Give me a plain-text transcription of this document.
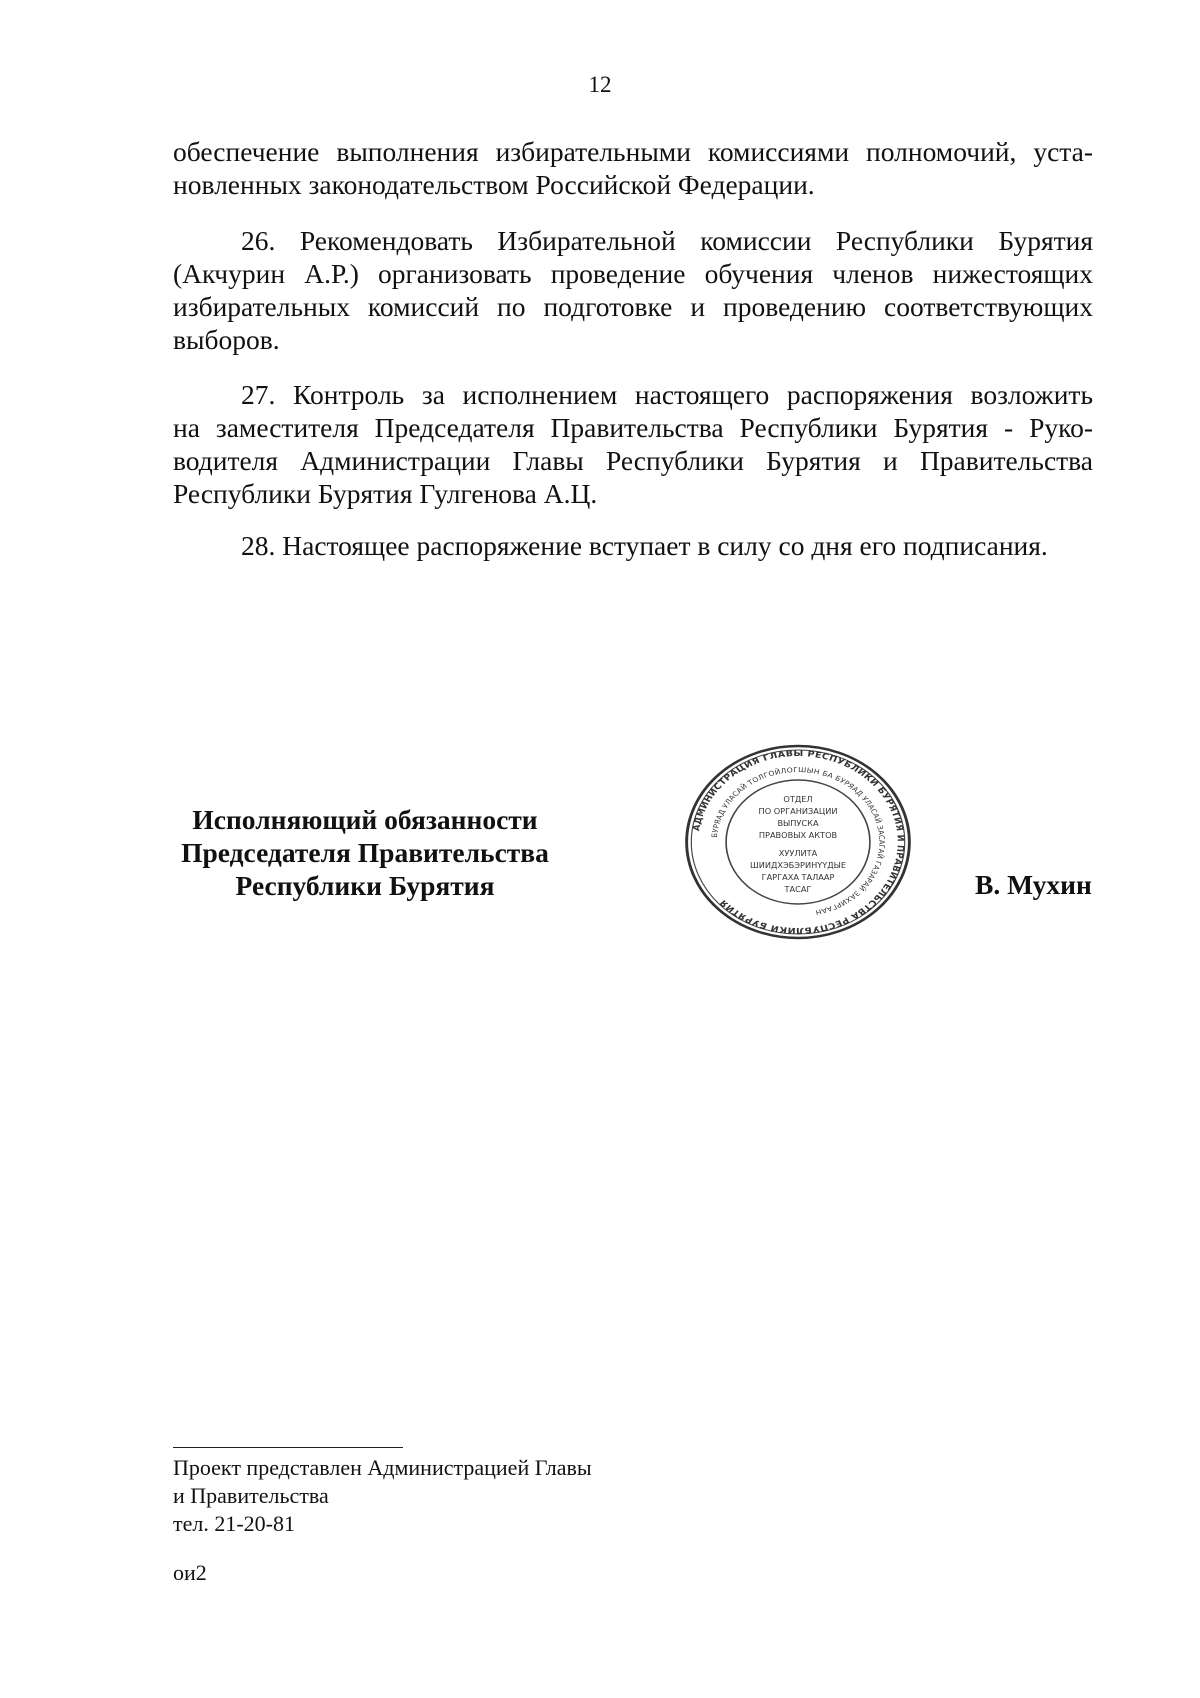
12
обеспечение выполнения избирательными комиссиями полномочий, уста-
новленных законодательством Российской Федерации.
26. Рекомендовать Избирательной комиссии Республики Бурятия
(Акчурин А.Р.) организовать проведение обучения членов нижестоящих
избирательных комиссий по подготовке и проведению соответствующих
выборов.
27. Контроль за исполнением настоящего распоряжения возложить
на заместителя Председателя Правительства Республики Бурятия - Руко-
водителя Администрации Главы Республики Бурятия и Правительства
Республики Бурятия Гулгенова А.Ц.
28. Настоящее распоряжение вступает в силу со дня его подписания.
Исполняющий обязанности
Председателя Правительства
Республики Бурятия
АДМИНИСТРАЦИЯ ГЛАВЫ РЕСПУБЛИКИ БУРЯТИЯ И ПРАВИТЕЛЬСТВА РЕСПУБЛИКИ БУРЯТИЯ
БУРЯАД УЛАСАЙ ТОЛГОЙЛОГШЫН БА БУРЯАД УЛАСАЙ ЗАСАГАЙ ГАЗАРАЙ ЗАХИРГААН
ОТДЕЛ
ПО ОРГАНИЗАЦИИ
ВЫПУСКА
ПРАВОВЫХ АКТОВ
ХУУЛИТА
ШИИДХЭБЭРИНҮҮДЫЕ
ГАРГАХА ТАЛААР
ТАСАГ	В. Мухин
Проект представлен Администрацией Главы
и Правительства
тел. 21-20-81
ои2
